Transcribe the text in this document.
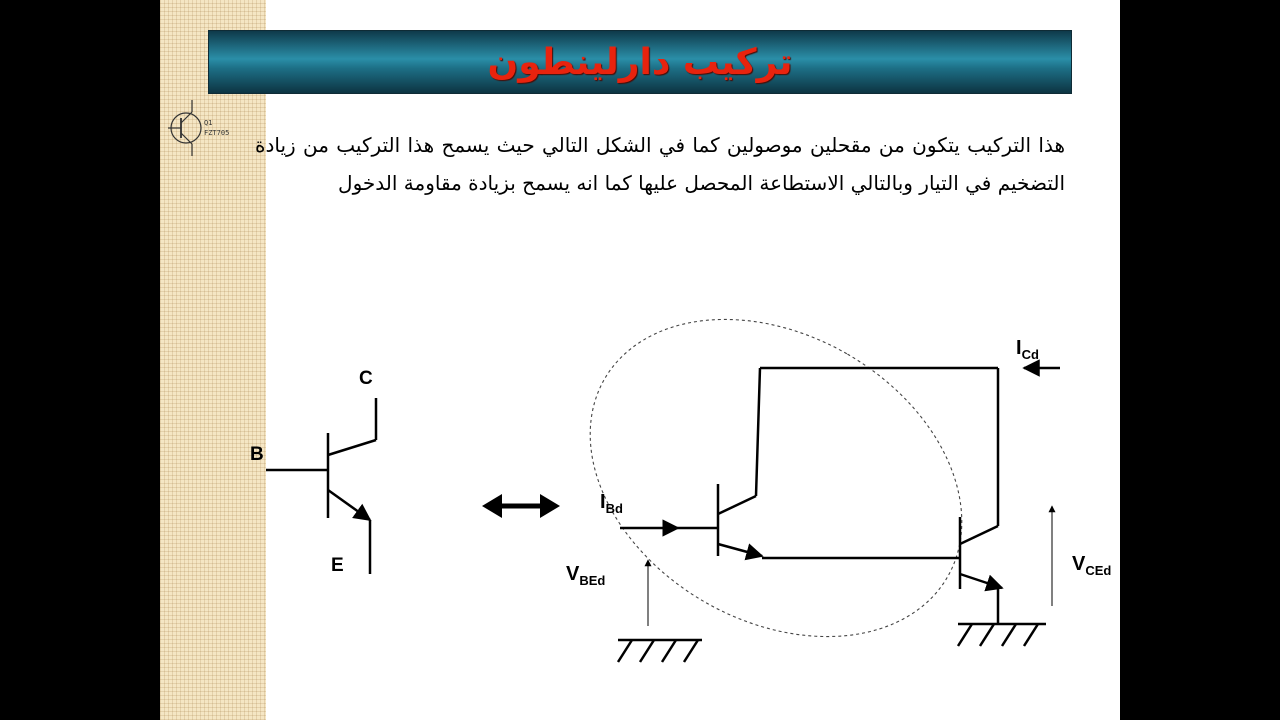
تركيب دارلينطون
هذا التركيب يتكون من مقحلين موصولين كما في الشكل التالي حيث يسمح هذا التركيب من زيادة التضخيم في التيار وبالتالي الاستطاعة المحصل عليها كما انه يسمح بزيادة مقاومة الدخول
Q1
FZT705
C
B
E
$I_{Cd}$
$I_{Bd}$
$V_{BEd}$
$V_{CEd}$
